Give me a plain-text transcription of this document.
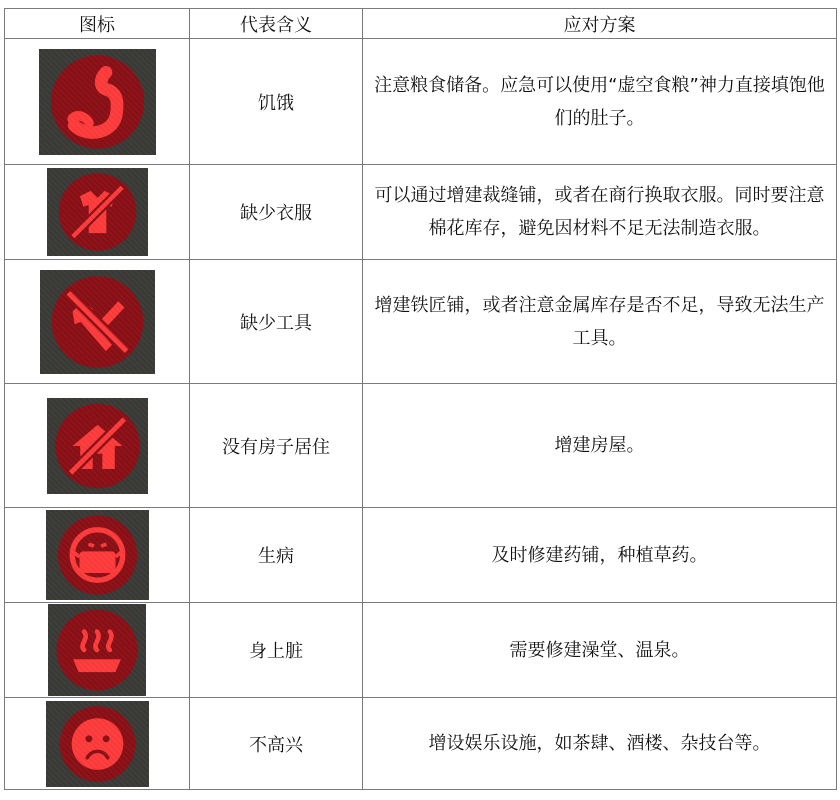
图标	代表含义	应对方案

	饥饿	注意粮食储备。应急可以使用“虚空食粮”神力直接填饱他们的肚子。

	缺少衣服	可以通过增建裁缝铺，或者在商行换取衣服。同时要注意棉花库存，避免因材料不足无法制造衣服。

	缺少工具	增建铁匠铺，或者注意金属库存是否不足，导致无法生产工具。

	没有房子居住	增建房屋。

	生病	及时修建药铺，种植草药。

	身上脏	需要修建澡堂、温泉。

	不高兴	增设娱乐设施，如茶肆、酒楼、杂技台等。
